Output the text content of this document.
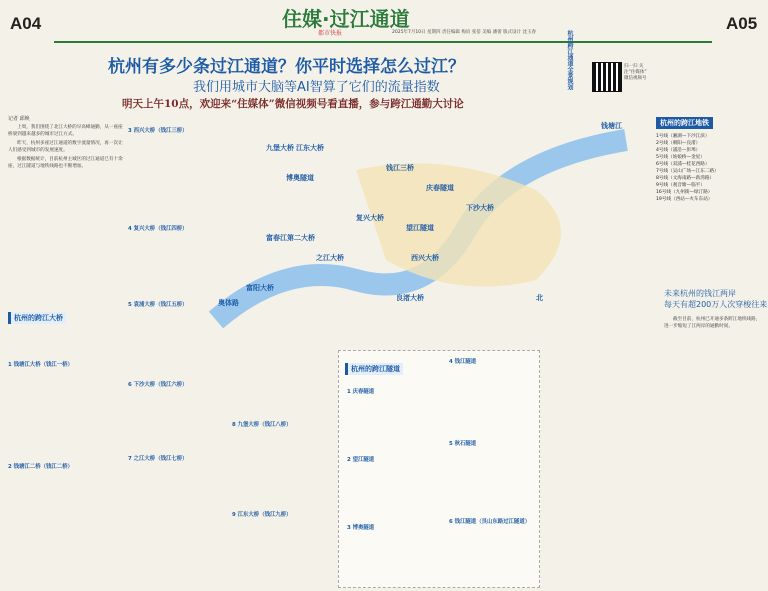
A04	A05
住媒·过江通道
都市快报	2025年7月10日 星期四 责任编辑 梅谊 张蓓 美编 潘蕾 版式设计 沈玉春
杭州有多少条过江通道？你平时选择怎么过江？
我们用城市大脑等AI智算了它们的流量指数
明天上午10点，欢迎来“住媒体”微信视频号看直播，参与跨江通勤大讨论
杭州跨江通道全景规划	扫一扫 关注“住媒体” 微信视频号
记者 邱焕

上周，我们围绕了北江大桥的早高峰通勤，从一座座桥梁到越来越多的城市过江方式。

昨天，杭州多座过江通道的数字流量情况，再一次让人们感受到城市的发展速度。

根据数据统计，目前杭州主城区的过江通道已有十余座，过江隧道与地铁线路也不断增加。

杭州的跨江大桥
1 钱塘江大桥（钱江一桥）
2 钱塘江二桥（钱江二桥）
3 西兴大桥（钱江三桥）
4 复兴大桥（钱江四桥）
5 袁浦大桥（钱江五桥）
6 下沙大桥（钱江六桥）
7 之江大桥（钱江七桥）
8 九堡大桥（钱江八桥）
9 江东大桥（钱江九桥）
杭州的跨江隧道
1 庆春隧道
2 望江隧道
3 博奥隧道
4 钱江隧道
5 秋石隧道
6 钱江隧道（艮山东路过江隧道）
九堡大桥 江东大桥
钱塘江
下沙大桥
复兴大桥
西兴大桥
之江大桥
富春江第二大桥
富阳大桥
良渚大桥
奥体路
博奥隧道
庆春隧道
望江隧道
钱江三桥
北
杭州的跨江地铁
1号线（湘湖—下沙江滨）
2号线（朝阳—良渚）
4号线（浦沿—彭埠）
5号线（姑娘桥—金星）
6号线（双浦—桂花西路）
7号线（吴山广场—江东二路）
8号线（文海南路—新湾路）
9号线（观音塘—临平）
16号线（九州街—绿汀路）
19号线（西站—火车东站）
未来杭州的钱江两岸
每天有超200万人次穿梭往来

截至目前，杭州已开通多条跨江地铁线路，进一步缩短了江两岸的通勤时间。
